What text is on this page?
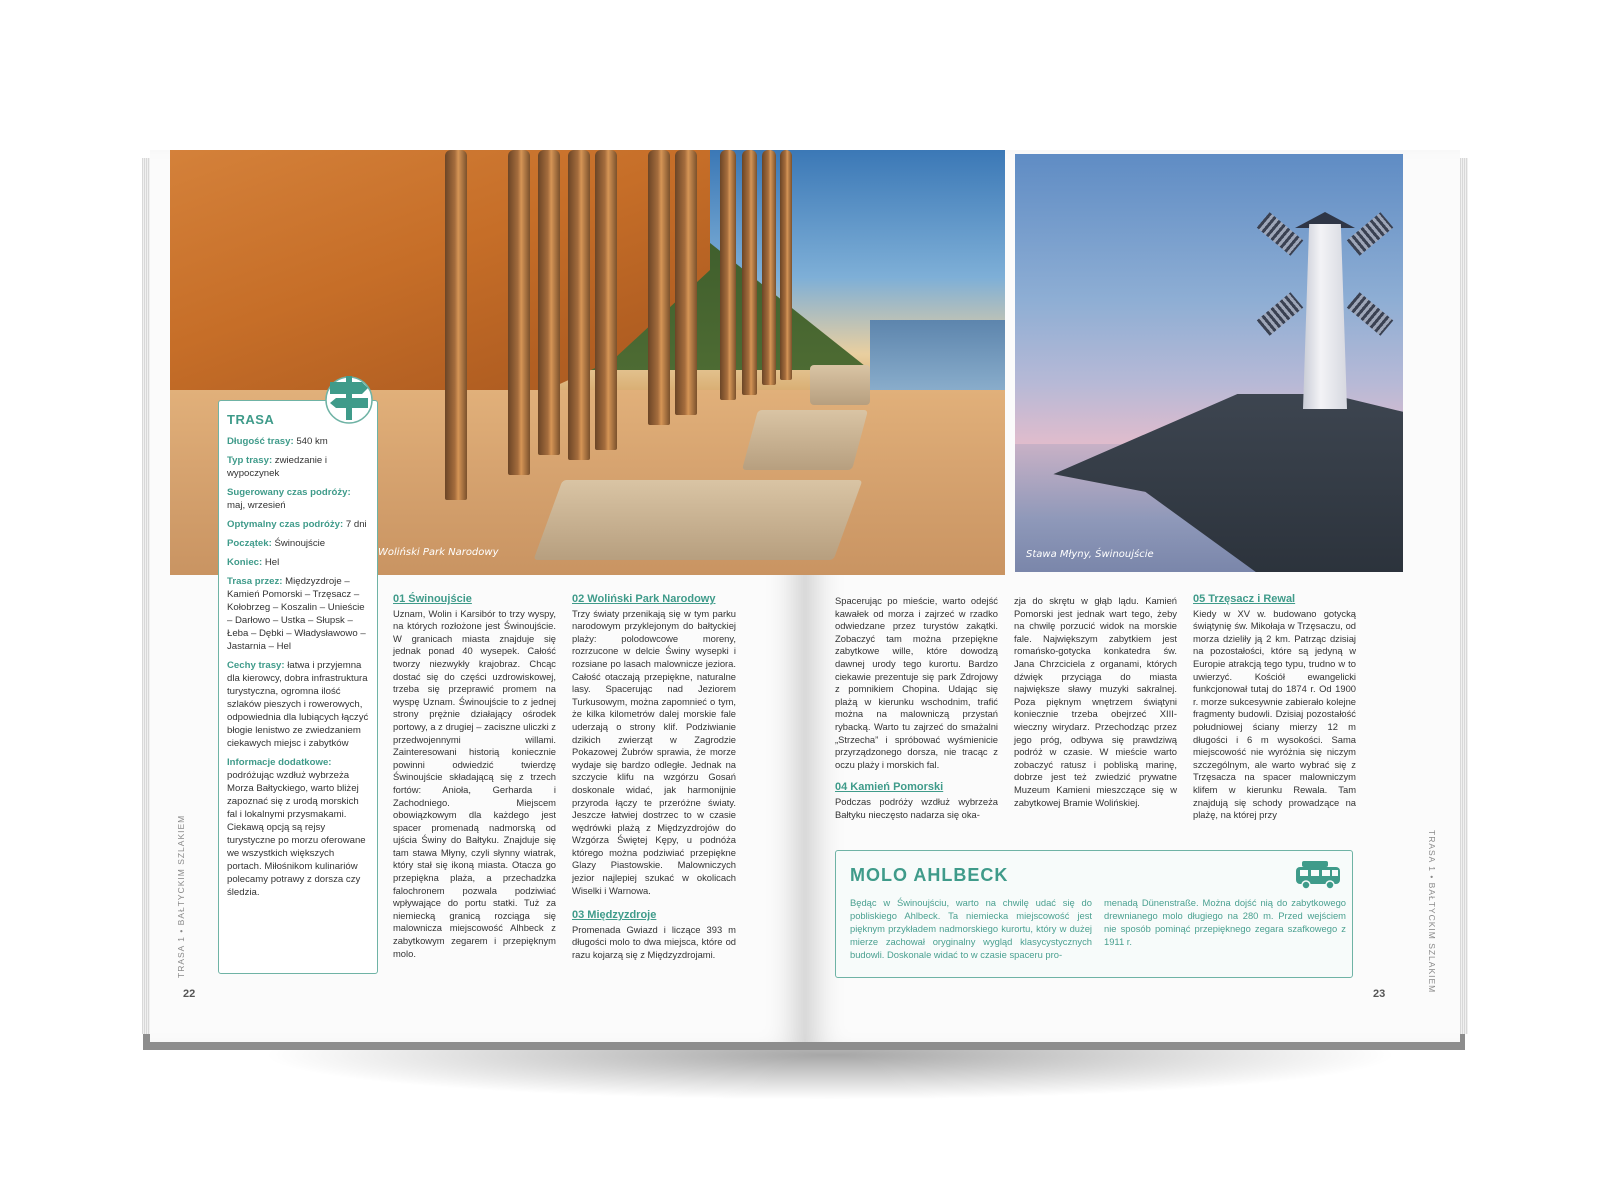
TRASA 1 • BAŁTYCKIM SZLAKIEM
01 Świnoujście

Uznam, Wolin i Karsibór to trzy wyspy, na których rozłożone jest Świnoujście. W granicach miasta znajduje się jednak ponad 40 wysepek. Całość tworzy niezwykły krajobraz. Chcąc dostać się do części uzdrowiskowej, trzeba się przeprawić promem na wyspę Uznam. Świnoujście to z jednej strony prężnie działający ośrodek portowy, a z drugiej – zaciszne uliczki z przedwojennymi willami. Zainteresowani historią koniecznie powinni odwiedzić twierdzę Świnoujście składającą się z trzech fortów: Anioła, Gerharda i Zachodniego. Miejscem obowiązkowym dla każdego jest spacer promenadą nadmorską od ujścia Świny do Bałtyku. Znajduje się tam stawa Młyny, czyli słynny wiatrak, który stał się ikoną miasta. Otacza go przepiękna plaża, a przechadzka falochronem pozwala podziwiać wpływające do portu statki. Tuż za niemiecką granicą rozciąga się malownicza miejscowość Alhbeck z zabytkowym zegarem i przepięknym molo.

02 Woliński Park Narodowy

Trzy światy przenikają się w tym parku narodowym przyklejonym do bałtyckiej plaży: polodowcowe moreny, rozrzucone w delcie Świny wysepki i rozsiane po lasach malownicze jeziora. Całość otaczają przepiękne, naturalne lasy. Spacerując nad Jeziorem Turkusowym, można zapomnieć o tym, że kilka kilometrów dalej morskie fale uderzają o strony klif. Podziwianie dzikich zwierząt w Zagrodzie Pokazowej Żubrów sprawia, że morze wydaje się bardzo odległe. Jednak na szczycie klifu na wzgórzu Gosań doskonale widać, jak harmonijnie przyroda łączy te przeróżne światy. Jeszcze łatwiej dostrzec to w czasie wędrówki plażą z Międzyzdrojów do Wzgórza Świętej Kępy, u podnóża którego można podziwiać przepiękne Glazy Piastowskie. Malowniczych jezior najlepiej szukać w okolicach Wiselki i Warnowa.

03 Międzyzdroje

Promenada Gwiazd i liczące 393 m długości molo to dwa miejsca, które od razu kojarzą się z Międzyzdrojami.

22

Spacerując po mieście, warto odejść kawałek od morza i zajrzeć w rzadko odwiedzane przez turystów zakątki. Zobaczyć tam można przepiękne zabytkowe wille, które dowodzą dawnej urody tego kurortu. Bardzo ciekawie prezentuje się park Zdrojowy z pomnikiem Chopina. Udając się plażą w kierunku wschodnim, trafić można na malowniczą przystań rybacką. Warto tu zajrzeć do smażalni „Strzecha” i spróbować wyśmienicie przyrządzonego dorsza, nie tracąc z oczu plaży i morskich fal.

04 Kamień Pomorski

Podczas podróży wzdłuż wybrzeża Bałtyku nieczęsto nadarza się oka-

zja do skrętu w głąb lądu. Kamień Pomorski jest jednak wart tego, żeby na chwilę porzucić widok na morskie fale. Największym zabytkiem jest romańsko-gotycka konkatedra św. Jana Chrzciciela z organami, których dźwięk przyciąga do miasta największe sławy muzyki sakralnej. Poza pięknym wnętrzem świątyni koniecznie trzeba obejrzeć XIII-wieczny wirydarz. Przechodząc przez jego próg, odbywa się prawdziwą podróż w czasie. W mieście warto zobaczyć ratusz i pobliską marinę, dobrze jest też zwiedzić prywatne Muzeum Kamieni mieszczące się w zabytkowej Bramie Wolińskiej.

05 Trzęsacz i Rewal

Kiedy w XV w. budowano gotycką świątynię św. Mikołaja w Trzęsaczu, od morza dzieliły ją 2 km. Patrząc dzisiaj na pozostałości, które są jedyną w Europie atrakcją tego typu, trudno w to uwierzyć. Kościół ewangelicki funkcjonował tutaj do 1874 r. Od 1900 r. morze sukcesywnie zabierało kolejne fragmenty budowli. Dzisiaj pozostałość południowej ściany mierzy 12 m długości i 6 m wysokości. Sama miejscowość nie wyróżnia się niczym szczególnym, ale warto wybrać się z Trzęsacza na spacer malowniczym klifem w kierunku Rewala. Tam znajdują się schody prowadzące na plażę, na której przy

TRASA 1 • BAŁTYCKIM SZLAKIEM
23
Woliński Park Narodowy	Stawa Młyny, Świnoujście
TRASA
Długość trasy: 540 km
Typ trasy: zwiedzanie i wypoczynek
Sugerowany czas podróży: maj, wrzesień
Optymalny czas podróży: 7 dni
Początek: Świnoujście
Koniec: Hel
Trasa przez: Międzyzdroje – Kamień Pomorski – Trzęsacz – Kołobrzeg – Koszalin – Unieście – Darłowo – Ustka – Słupsk – Łeba – Dębki – Władysławowo – Jastarnia – Hel
Cechy trasy: łatwa i przyjemna dla kierowcy, dobra infrastruktura turystyczna, ogromna ilość szlaków pieszych i rowerowych, odpowiednia dla lubiących łączyć błogie lenistwo ze zwiedzaniem ciekawych miejsc i zabytków
Informacje dodatkowe:
podróżując wzdłuż wybrzeża Morza Bałtyckiego, warto bliżej zapoznać się z urodą morskich fal i lokalnymi przysmakami. Ciekawą opcją są rejsy turystyczne po morzu oferowane we wszystkich większych portach. Miłośnikom kulinariów polecamy potrawy z dorsza czy śledzia.
MOLO AHLBECK
Będąc w Świnoujściu, warto na chwilę udać się do pobliskiego Ahlbeck. Ta niemiecka miejscowość jest pięknym przykładem nadmorskiego kurortu, który w dużej mierze zachował oryginalny wygląd klasycystycznych budowli. Doskonale widać to w czasie spaceru pro-
menadą Dünenstraße. Można dojść nią do zabytkowego drewnianego molo długiego na 280 m. Przed wejściem nie sposób pominąć przepięknego zegara szafkowego z 1911 r.
